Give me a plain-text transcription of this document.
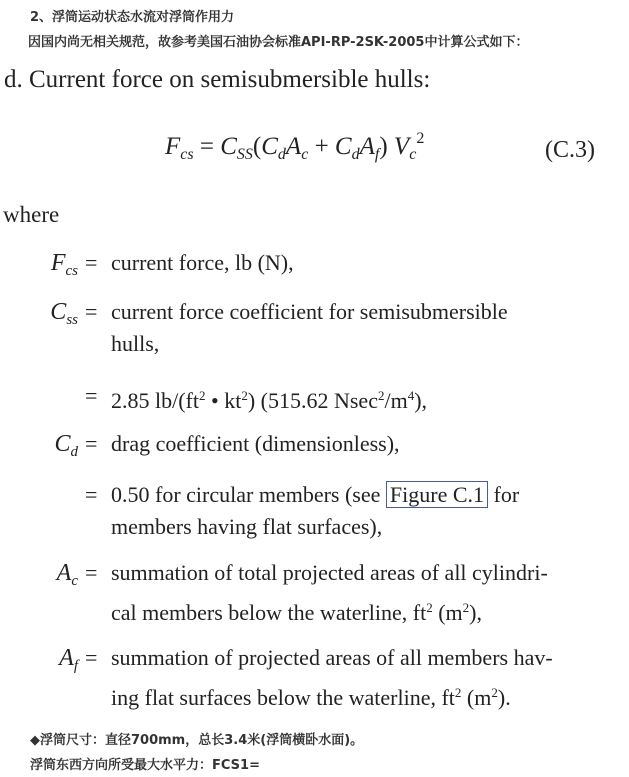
2、浮筒运动状态水流对浮筒作用力
因国内尚无相关规范，故参考美国石油协会标准API-RP-2SK-2005中计算公式如下：
d. Current force on semisubmersible hulls:
$F_{cs} = C_{SS}(C_dA_c + C_dA_f)$ $V_c^2$	(C.3)
where
$F_{cs}$ = current force, lb (N),
$C_{ss}$ = current force coefficient for semisubmersible
hulls,
= 2.85 $lb/(ft^2$ • $kt^2$) (515.62 $Nsec^2/m^4$),
$C_d$ = drag coefficient (dimensionless),
= 0.50 for circular members (see Figure C.1 for
members having flat surfaces),
$A_c$ = summation of total projected areas of all cylindri-
cal members below the waterline, $ft^2$ $(m^2)$,
$A_f$ = summation of projected areas of all members hav-
ing flat surfaces below the waterline, $ft^2$ $(m^2)$.
◆浮筒尺寸：直径700mm，总长3.4米(浮筒横卧水面)。
浮筒东西方向所受最大水平力：FCS1=
